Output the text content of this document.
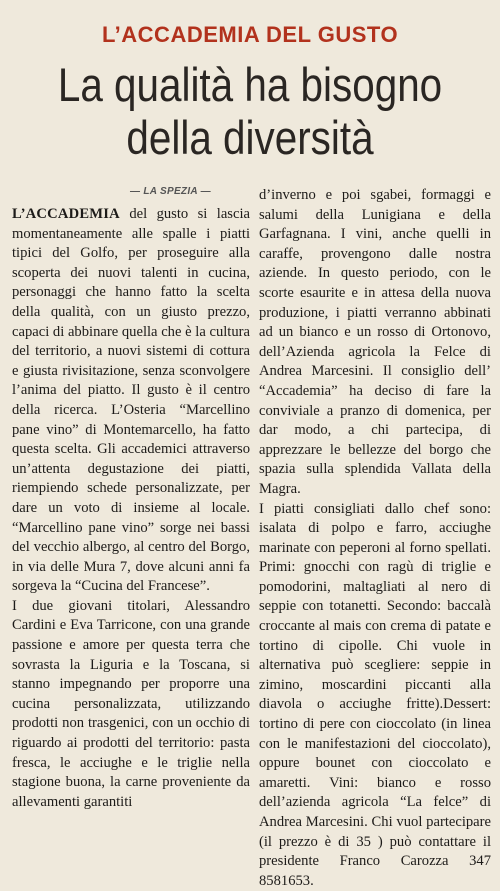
L’ACCADEMIA DEL GUSTO
La qualità ha bisogno
della diversità
— LA SPEZIA —

L’ACCADEMIA del gusto si lascia momentaneamente alle spalle i piatti tipici del Golfo, per proseguire alla scoperta dei nuovi talenti in cucina, personaggi che hanno fatto la scelta della qualità, con un giusto prezzo, capaci di abbinare quella che è la cultura del territorio, a nuovi sistemi di cottura e giusta rivisitazione, senza sconvolgere l’anima del piatto. Il gusto è il centro della ricerca. L’Osteria “Marcellino pane vino” di Montemarcello, ha fatto questa scelta. Gli accademici attraverso un’attenta degustazione dei piatti, riempiendo schede personalizzate, per dare un voto di insieme al locale. “Marcellino pane vino” sorge nei bassi del vecchio albergo, al centro del Borgo, in via delle Mura 7, dove alcuni anni fa sorgeva la “Cucina del Francese”.

I due giovani titolari, Alessandro Cardini e Eva Tarricone, con una grande passione e amore per questa terra che sovrasta la Liguria e la Toscana, si stanno impegnando per proporre una cucina personalizzata, utilizzando prodotti non trasgenici, con un occhio di riguardo ai prodotti del territorio: pasta fresca, le acciughe e le triglie nella stagione buona, la carne proveniente da allevamenti garantiti

d’inverno e poi sgabei, formaggi e salumi della Lunigiana e della Garfagnana. I vini, anche quelli in caraffe, provengono dalle nostra aziende. In questo periodo, con le scorte esaurite e in attesa della nuova produzione, i piatti verranno abbinati ad un bianco e un rosso di Ortonovo, dell’Azienda agricola la Felce di Andrea Marcesini. Il consiglio dell’ “Accademia” ha deciso di fare la conviviale a pranzo di domenica, per dar modo, a chi partecipa, di apprezzare le bellezze del borgo che spazia sulla splendida Vallata della Magra.

I piatti consigliati dallo chef sono: isalata di polpo e farro, acciughe marinate con peperoni al forno spellati. Primi: gnocchi con ragù di triglie e pomodorini, maltagliati al nero di seppie con totanetti. Secondo: baccalà croccante al mais con crema di patate e tortino di cipolle. Chi vuole in alternativa può scegliere: seppie in zimino, moscardini piccanti alla diavola o acciughe fritte).Dessert: tortino di pere con cioccolato (in linea con le manifestazioni del cioccolato), oppure bounet con cioccolato e amaretti. Vini: bianco e rosso dell’azienda agricola “La felce” di Andrea Marcesini. Chi vuol partecipare (il prezzo è di 35 ) può contattare il presidente Franco Carozza 347 8581653.
